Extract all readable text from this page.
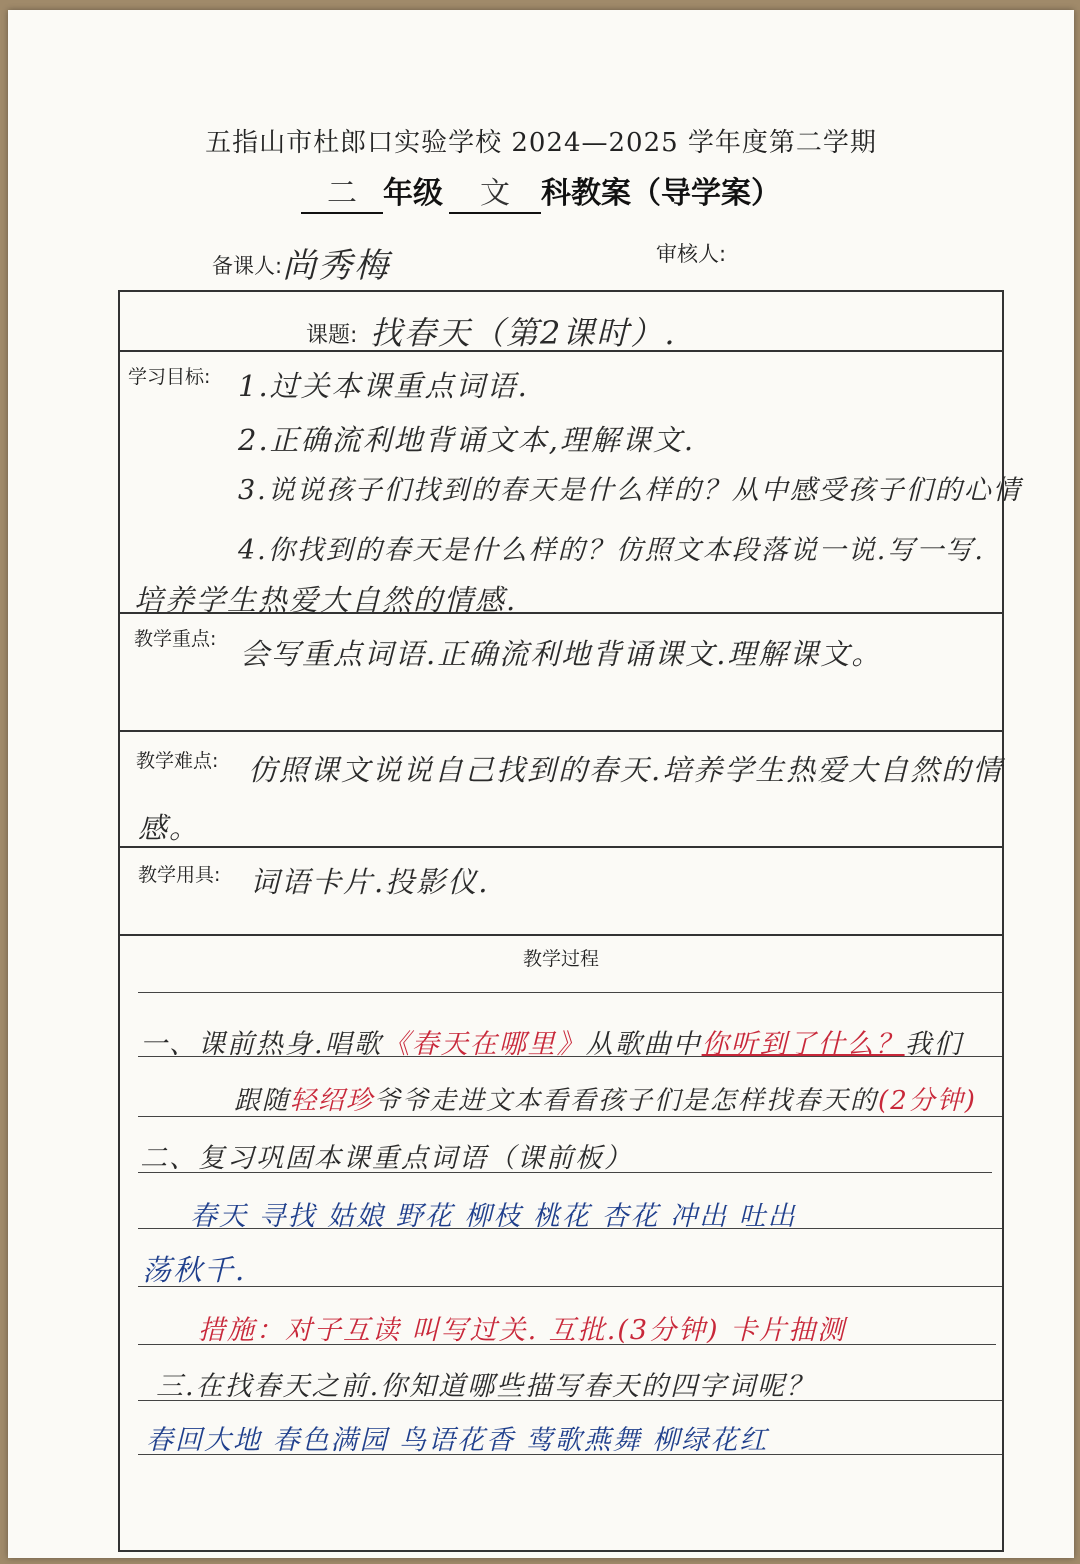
五指山市杜郎口实验学校 2024—2025 学年度第二学期
二 年级 文 科教案（导学案）
备课人:尚秀梅	审核人:
课题: 找春天（第2课时）.
学习目标: 1.过关本课重点词语.
2.正确流利地背诵文本,理解课文.
3.说说孩子们找到的春天是什么样的？从中感受孩子们的心情
4.你找到的春天是什么样的？仿照文本段落说一说.写一写.
培养学生热爱大自然的情感.
教学重点: 会写重点词语.正确流利地背诵课文.理解课文。
教学难点: 仿照课文说说自己找到的春天.培养学生热爱大自然的情
感。
教学用具: 词语卡片.投影仪.
教学过程
一、课前热身.唱歌《春天在哪里》从歌曲中你听到了什么？我们
跟随轻绍珍爷爷走进文本看看孩子们是怎样找春天的(2分钟)
二、复习巩固本课重点词语（课前板）
春天 寻找 姑娘 野花 柳枝 桃花 杏花 冲出 吐出
荡秋千.
措施：对子互读 叫写过关. 互批.(3分钟) 卡片抽测
三.在找春天之前.你知道哪些描写春天的四字词呢？
春回大地 春色满园 鸟语花香 莺歌燕舞 柳绿花红
